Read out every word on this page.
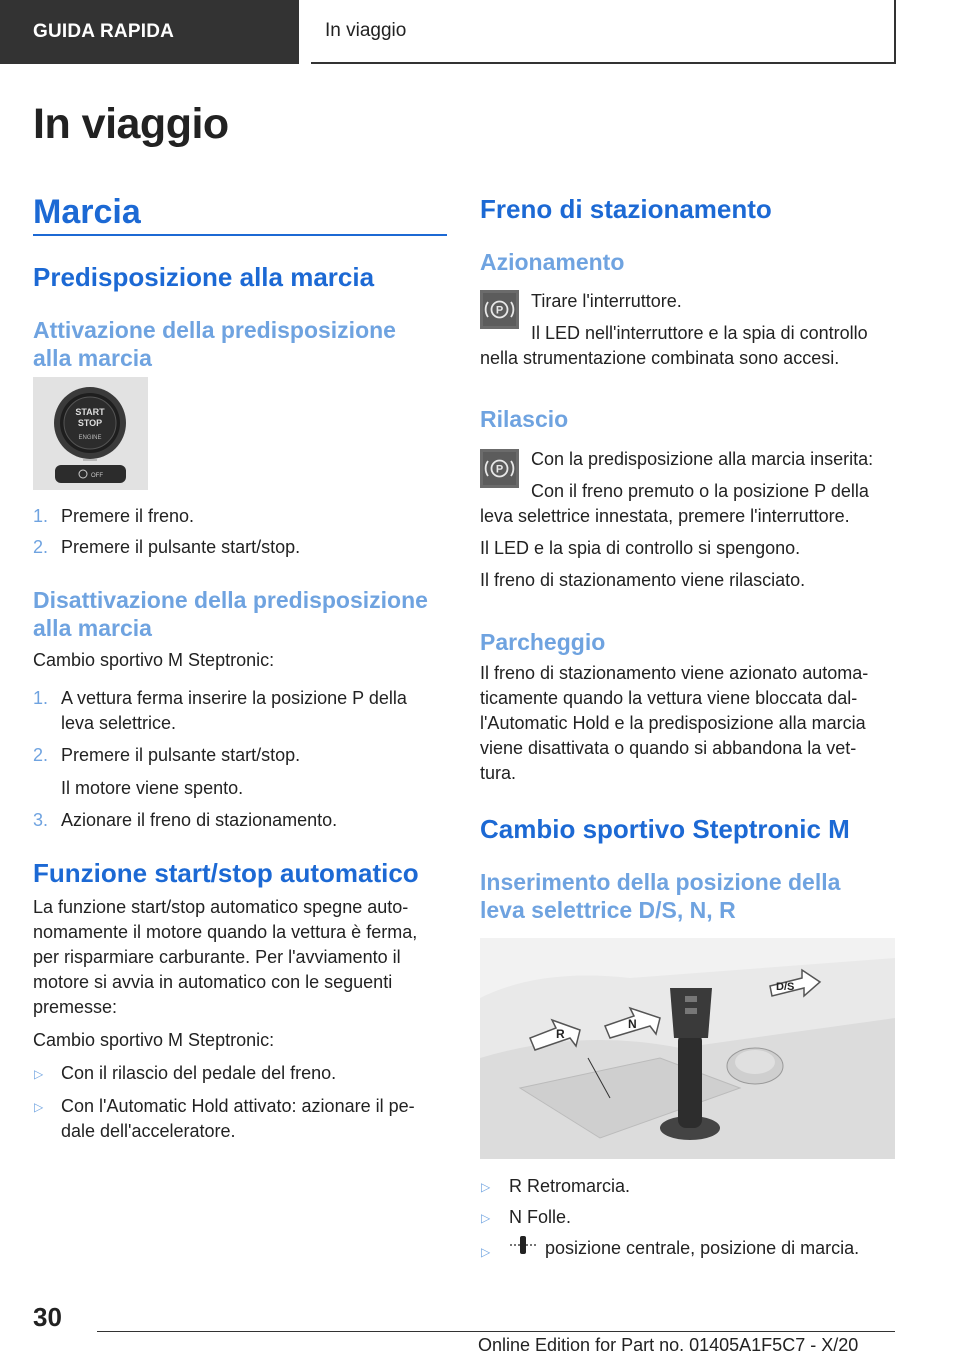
GUIDA RAPIDA	In viaggio
In viaggio
Marcia
Predisposizione alla marcia
Attivazione della predisposizione alla marcia
START
STOP
ENGINE
OFF
1. Premere il freno.
2. Premere il pulsante start/stop.
Disattivazione della predisposizione alla marcia
Cambio sportivo M Steptronic:
1. A vettura ferma inserire la posizione P della
leva selettrice.
2. Premere il pulsante start/stop.
Il motore viene spento.
3. Azionare il freno di stazionamento.
Funzione start/stop automatico
La funzione start/stop automatico spegne auto-
nomamente il motore quando la vettura è ferma,
per risparmiare carburante. Per l'avviamento il
motore si avvia in automatico con le seguenti
premesse:
Cambio sportivo M Steptronic:
▷ Con il rilascio del pedale del freno.
▷ Con l'Automatic Hold attivato: azionare il pe-
dale dell'acceleratore.
Freno di stazionamento
Azionamento
P Tirare l'interruttore.
Il LED nell'interruttore e la spia di controllo
nella strumentazione combinata sono accesi.
Rilascio
P
Con la predisposizione alla marcia inserita:
Con il freno premuto o la posizione P della
leva selettrice innestata, premere l'interruttore.
Il LED e la spia di controllo si spengono.
Il freno di stazionamento viene rilasciato.
Parcheggio
Il freno di stazionamento viene azionato automa-
ticamente quando la vettura viene bloccata dal-
l'Automatic Hold e la predisposizione alla marcia
viene disattivata o quando si abbandona la vet-
tura.
Cambio sportivo Steptronic M
Inserimento della posizione della leva selettrice D/S, N, R
R
N
D/S
▷ R Retromarcia.
▷ N Folle.
▷	posizione centrale, posizione di marcia.
30
Online Edition for Part no. 01405A1F5C7 - X/20
